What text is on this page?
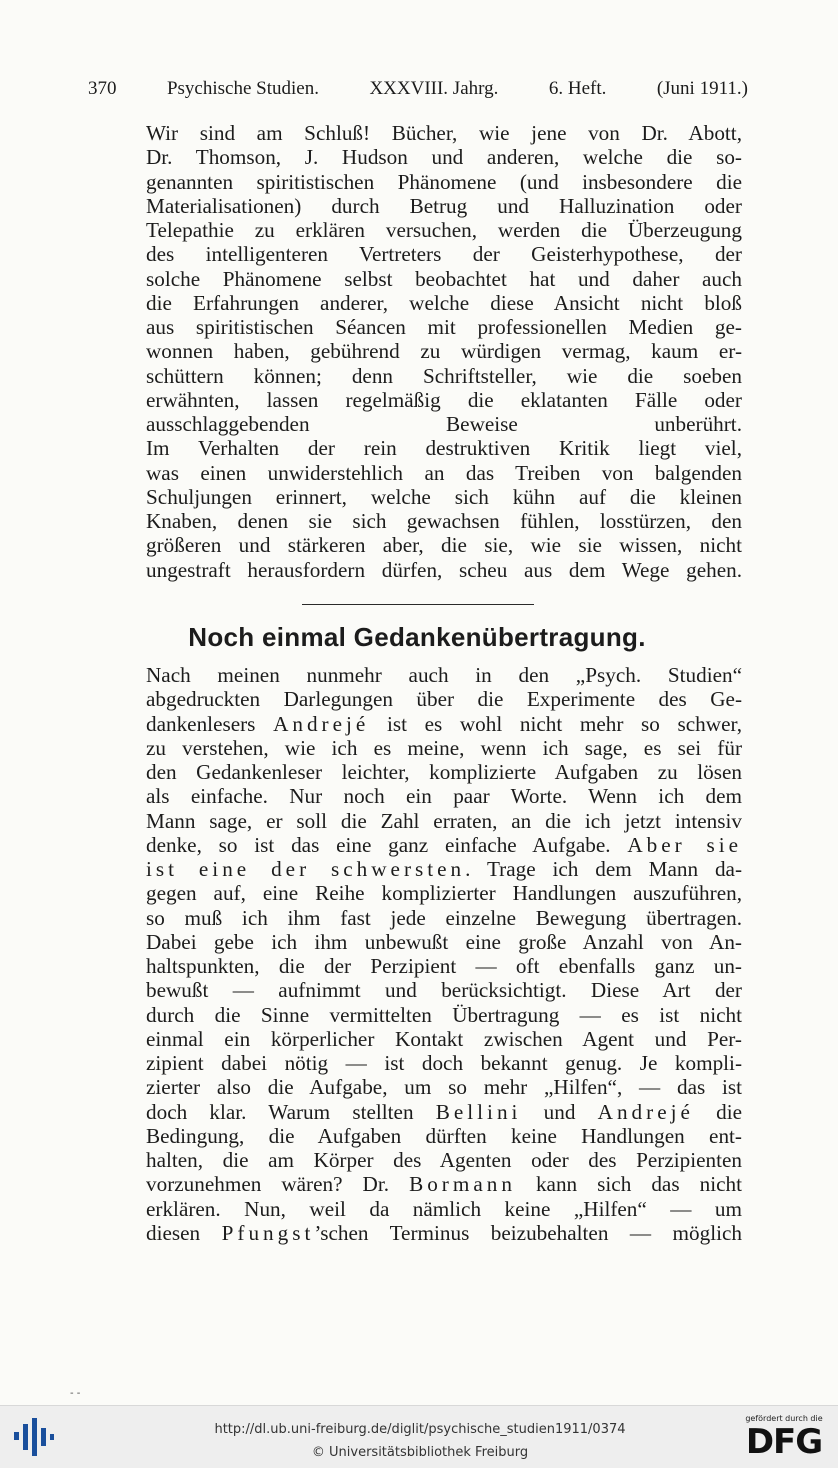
370	Psychische Studien.	XXXVIII. Jahrg.	6. Heft.	(Juni 1911.)

Wir sind am Schluß! Bücher, wie jene von Dr. Abott,
Dr. Thomson, J. Hudson und anderen, welche die so-
genannten spiritistischen Phänomene (und insbesondere die
Materialisationen) durch Betrug und Halluzination oder
Telepathie zu erklären versuchen, werden die Überzeugung
des intelligenteren Vertreters der Geisterhypothese, der
solche Phänomene selbst beobachtet hat und daher auch
die Erfahrungen anderer, welche diese Ansicht nicht bloß
aus spiritistischen Séancen mit professionellen Medien ge-
wonnen haben, gebührend zu würdigen vermag, kaum er-
schüttern können; denn Schriftsteller, wie die soeben
erwähnten, lassen regelmäßig die eklatanten Fälle oder
ausschlaggebenden Beweise unberührt.

Im Verhalten der rein destruktiven Kritik liegt viel,
was einen unwiderstehlich an das Treiben von balgenden
Schuljungen erinnert, welche sich kühn auf die kleinen
Knaben, denen sie sich gewachsen fühlen, losstürzen, den
größeren und stärkeren aber, die sie, wie sie wissen, nicht
ungestraft herausfordern dürfen, scheu aus dem Wege gehen.

Noch einmal Gedankenübertragung.

Nach meinen nunmehr auch in den „Psych. Studien“
abgedruckten Darlegungen über die Experimente des Ge-
dankenlesers Andrejé ist es wohl nicht mehr so schwer,
zu verstehen, wie ich es meine, wenn ich sage, es sei für
den Gedankenleser leichter, komplizierte Aufgaben zu lösen
als einfache. Nur noch ein paar Worte. Wenn ich dem
Mann sage, er soll die Zahl erraten, an die ich jetzt intensiv
denke, so ist das eine ganz einfache Aufgabe. Aber sie
ist eine der schwersten. Trage ich dem Mann da-
gegen auf, eine Reihe komplizierter Handlungen auszuführen,
so muß ich ihm fast jede einzelne Bewegung übertragen.
Dabei gebe ich ihm unbewußt eine große Anzahl von An-
haltspunkten, die der Perzipient — oft ebenfalls ganz un-
bewußt — aufnimmt und berücksichtigt. Diese Art der
durch die Sinne vermittelten Übertragung — es ist nicht
einmal ein körperlicher Kontakt zwischen Agent und Per-
zipient dabei nötig — ist doch bekannt genug. Je kompli-
zierter also die Aufgabe, um so mehr „Hilfen“, — das ist
doch klar. Warum stellten Bellini und Andrejé die
Bedingung, die Aufgaben dürften keine Handlungen ent-
halten, die am Körper des Agenten oder des Perzipienten
vorzunehmen wären? Dr. Bormann kann sich das nicht
erklären. Nun, weil da nämlich keine „Hilfen“ — um
diesen Pfungst’schen Terminus beizubehalten — möglich

- -
http://dl.ub.uni-freiburg.de/diglit/psychische_studien1911/0374
© Universitätsbibliothek Freiburg
gefördert durch die
DFG
